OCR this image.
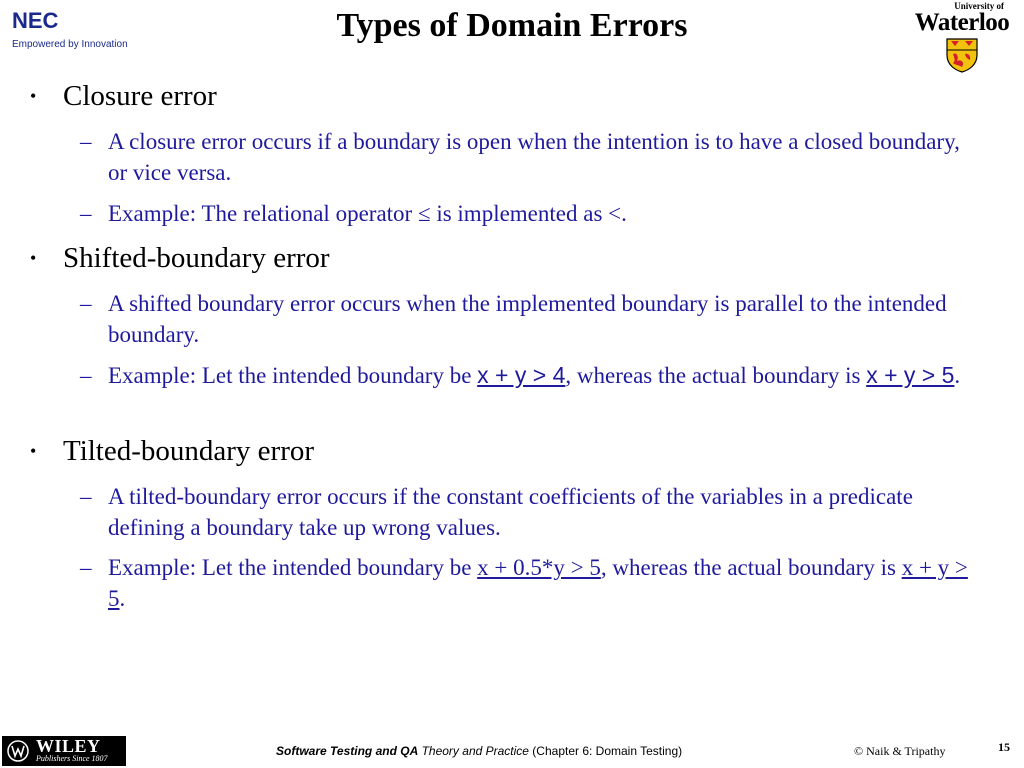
NEC
Empowered by Innovation
Types of Domain Errors
University of
Waterloo
• Closure error
– A closure error occurs if a boundary is open when the intention is to have a closed boundary, or vice versa.
– Example: The relational operator ≤ is implemented as <.
• Shifted-boundary error
– A shifted boundary error occurs when the implemented boundary is parallel to the intended boundary.
– Example: Let the intended boundary be x + y > 4, whereas the actual boundary is x + y > 5.
• Tilted-boundary error
– A tilted-boundary error occurs if the constant coefficients of the variables in a predicate defining a boundary take up wrong values.
– Example: Let the intended boundary be x + 0.5*y > 5, whereas the actual boundary is x + y > 5.
WILEY
Publishers Since 1807
Software Testing and QA Theory and Practice (Chapter 6: Domain Testing)	© Naik & Tripathy	15
